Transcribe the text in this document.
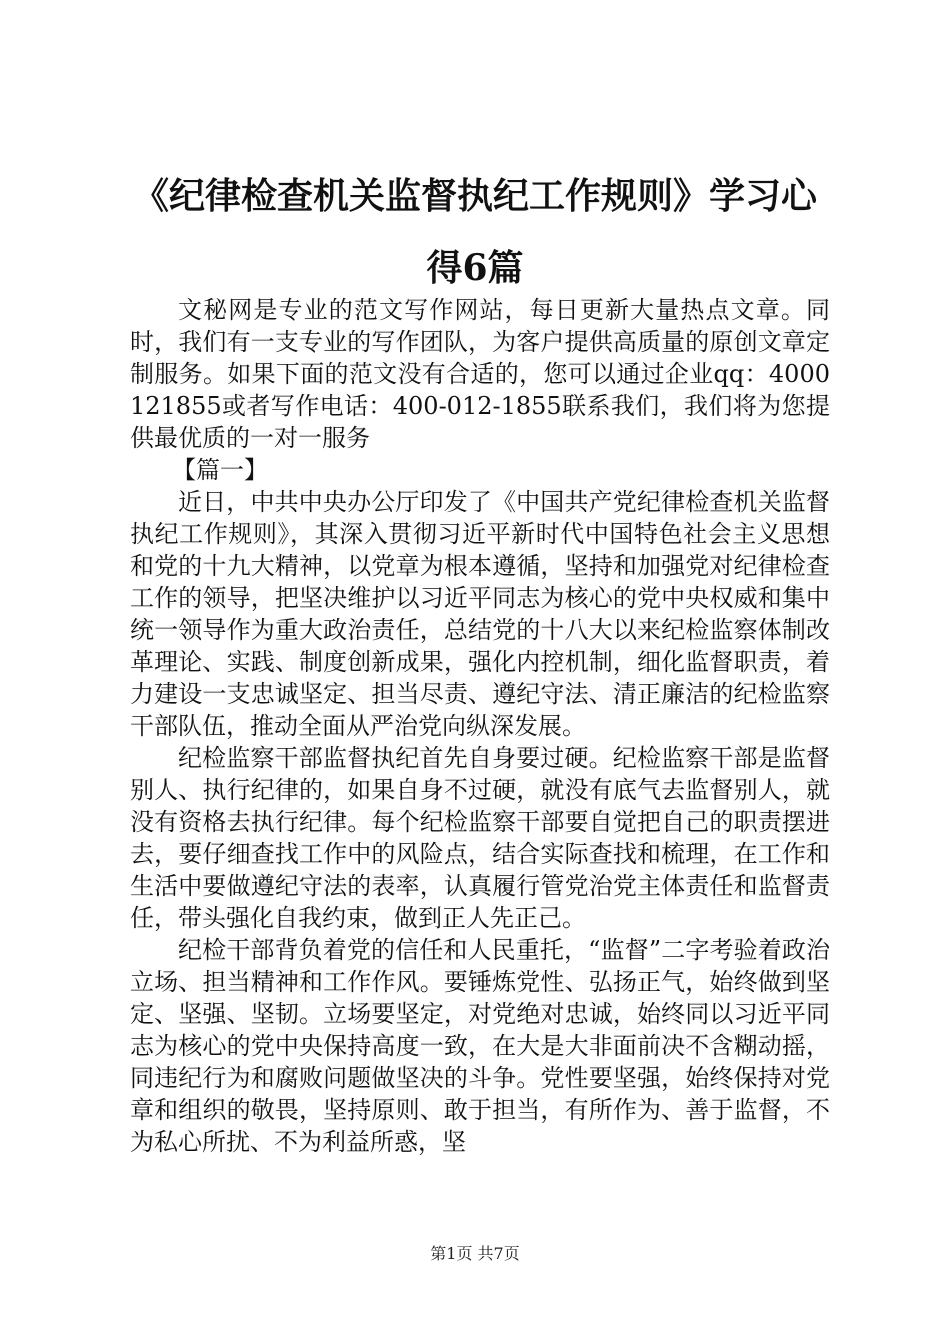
《纪律检查机关监督执纪工作规则》学习心得6篇

文秘网是专业的范文写作网站，每日更新大量热点文章。同时，我们有一支专业的写作团队，为客户提供高质量的原创文章定制服务。如果下面的范文没有合适的，您可以通过企业qq：4000121855或者写作电话：400-012-1855联系我们，我们将为您提供最优质的一对一服务

【篇一】

近日，中共中央办公厅印发了《中国共产党纪律检查机关监督执纪工作规则》，其深入贯彻习近平新时代中国特色社会主义思想和党的十九大精神，以党章为根本遵循，坚持和加强党对纪律检查工作的领导，把坚决维护以习近平同志为核心的党中央权威和集中统一领导作为重大政治责任，总结党的十八大以来纪检监察体制改革理论、实践、制度创新成果，强化内控机制，细化监督职责，着力建设一支忠诚坚定、担当尽责、遵纪守法、清正廉洁的纪检监察干部队伍，推动全面从严治党向纵深发展。

纪检监察干部监督执纪首先自身要过硬。纪检监察干部是监督别人、执行纪律的，如果自身不过硬，就没有底气去监督别人，就没有资格去执行纪律。每个纪检监察干部要自觉把自己的职责摆进去，要仔细查找工作中的风险点，结合实际查找和梳理，在工作和生活中要做遵纪守法的表率，认真履行管党治党主体责任和监督责任，带头强化自我约束，做到正人先正己。

纪检干部背负着党的信任和人民重托，“监督”二字考验着政治立场、担当精神和工作作风。要锤炼党性、弘扬正气，始终做到坚定、坚强、坚韧。立场要坚定，对党绝对忠诚，始终同以习近平同志为核心的党中央保持高度一致，在大是大非面前决不含糊动摇，同违纪行为和腐败问题做坚决的斗争。党性要坚强，始终保持对党章和组织的敬畏，坚持原则、敢于担当，有所作为、善于监督，不为私心所扰、不为利益所惑，坚

第1页 共7页
